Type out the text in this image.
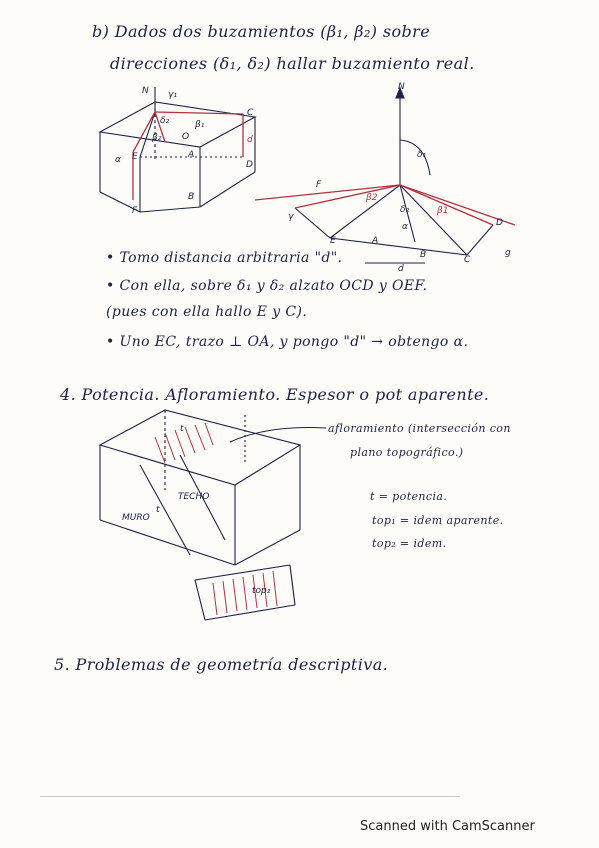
b) Dados dos buzamientos (β₁, β₂) sobre
direcciones (δ₁, δ₂) hallar buzamiento real.
N γ₁
C
E
D
F
A
d
α
β₁
β₂
δ₂
O
B
N
δ₁
F
β2
β1
δ₂
γ
E	A
B	C
D
d
α
g
• Tomo distancia arbitraria "d".
• Con ella, sobre δ₁ y δ₂ alzato OCD y OEF.
(pues con ella hallo E y C).
• Uno EC, trazo ⊥ OA, y pongo "d" → obtengo α.
4. Potencia. Afloramiento. Espesor o pot aparente.
t
MURO
TECHO
t
top₂
afloramiento (intersección con
plano topográfico.)
t = potencia.
top₁ = idem aparente.
top₂ = idem.
5. Problemas de geometría descriptiva.
Scanned with CamScanner
